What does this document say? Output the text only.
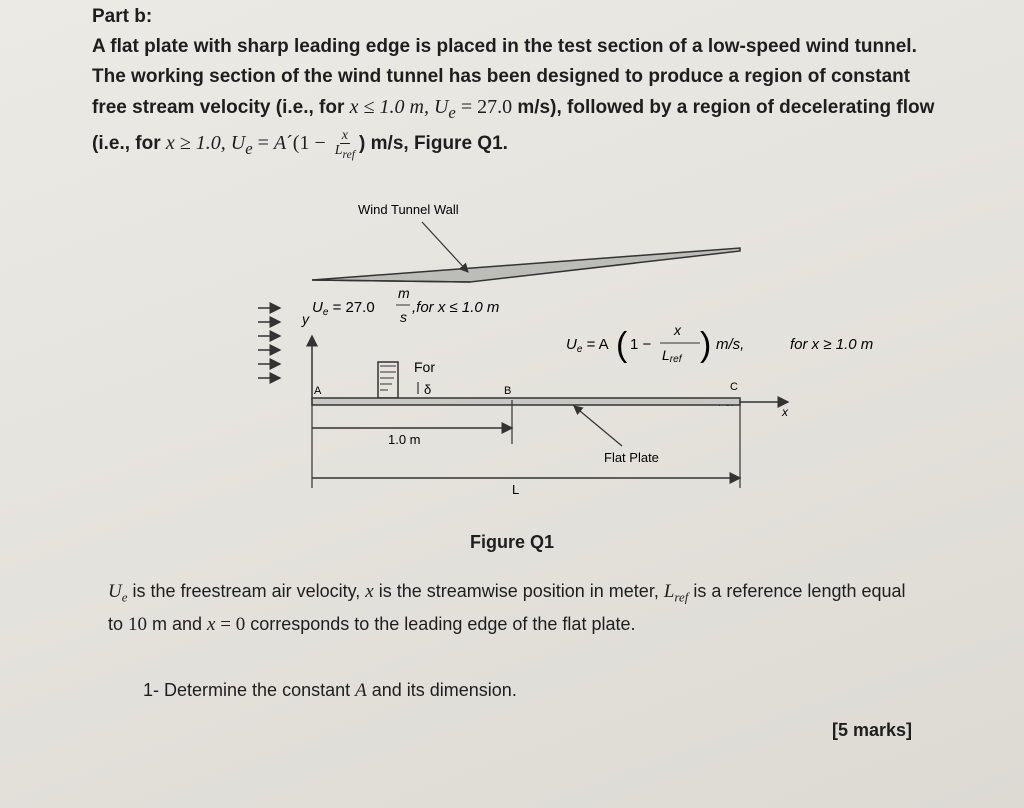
Part b:
A flat plate with sharp leading edge is placed in the test section of a low-speed wind tunnel. The working section of the wind tunnel has been designed to produce a region of constant free stream velocity (i.e., for x ≤ 1.0 m, $U_e = 27.0$ m/s), followed by a region of decelerating flow (i.e., for x ≥ 1.0, $U_e$ = A´(1 − $\frac{x}{L_{ref}}$ ) m/s, Figure Q1.
Wind Tunnel Wall
y
$U_e = 27.0$
m
s
,for x ≤ 1.0 m
$U_e = A$ ( 1 −
x
Lref ) m/s,	for x ≥ 1.0 m
For
δ
A	B	C
x
1.0 m
Flat Plate
L
Figure Q1
$U_e$ is the freestream air velocity, x is the streamwise position in meter, $L_{ref}$ is a reference length equal to 10 m and x = 0 corresponds to the leading edge of the flat plate.
1- Determine the constant A and its dimension.
[5 marks]
